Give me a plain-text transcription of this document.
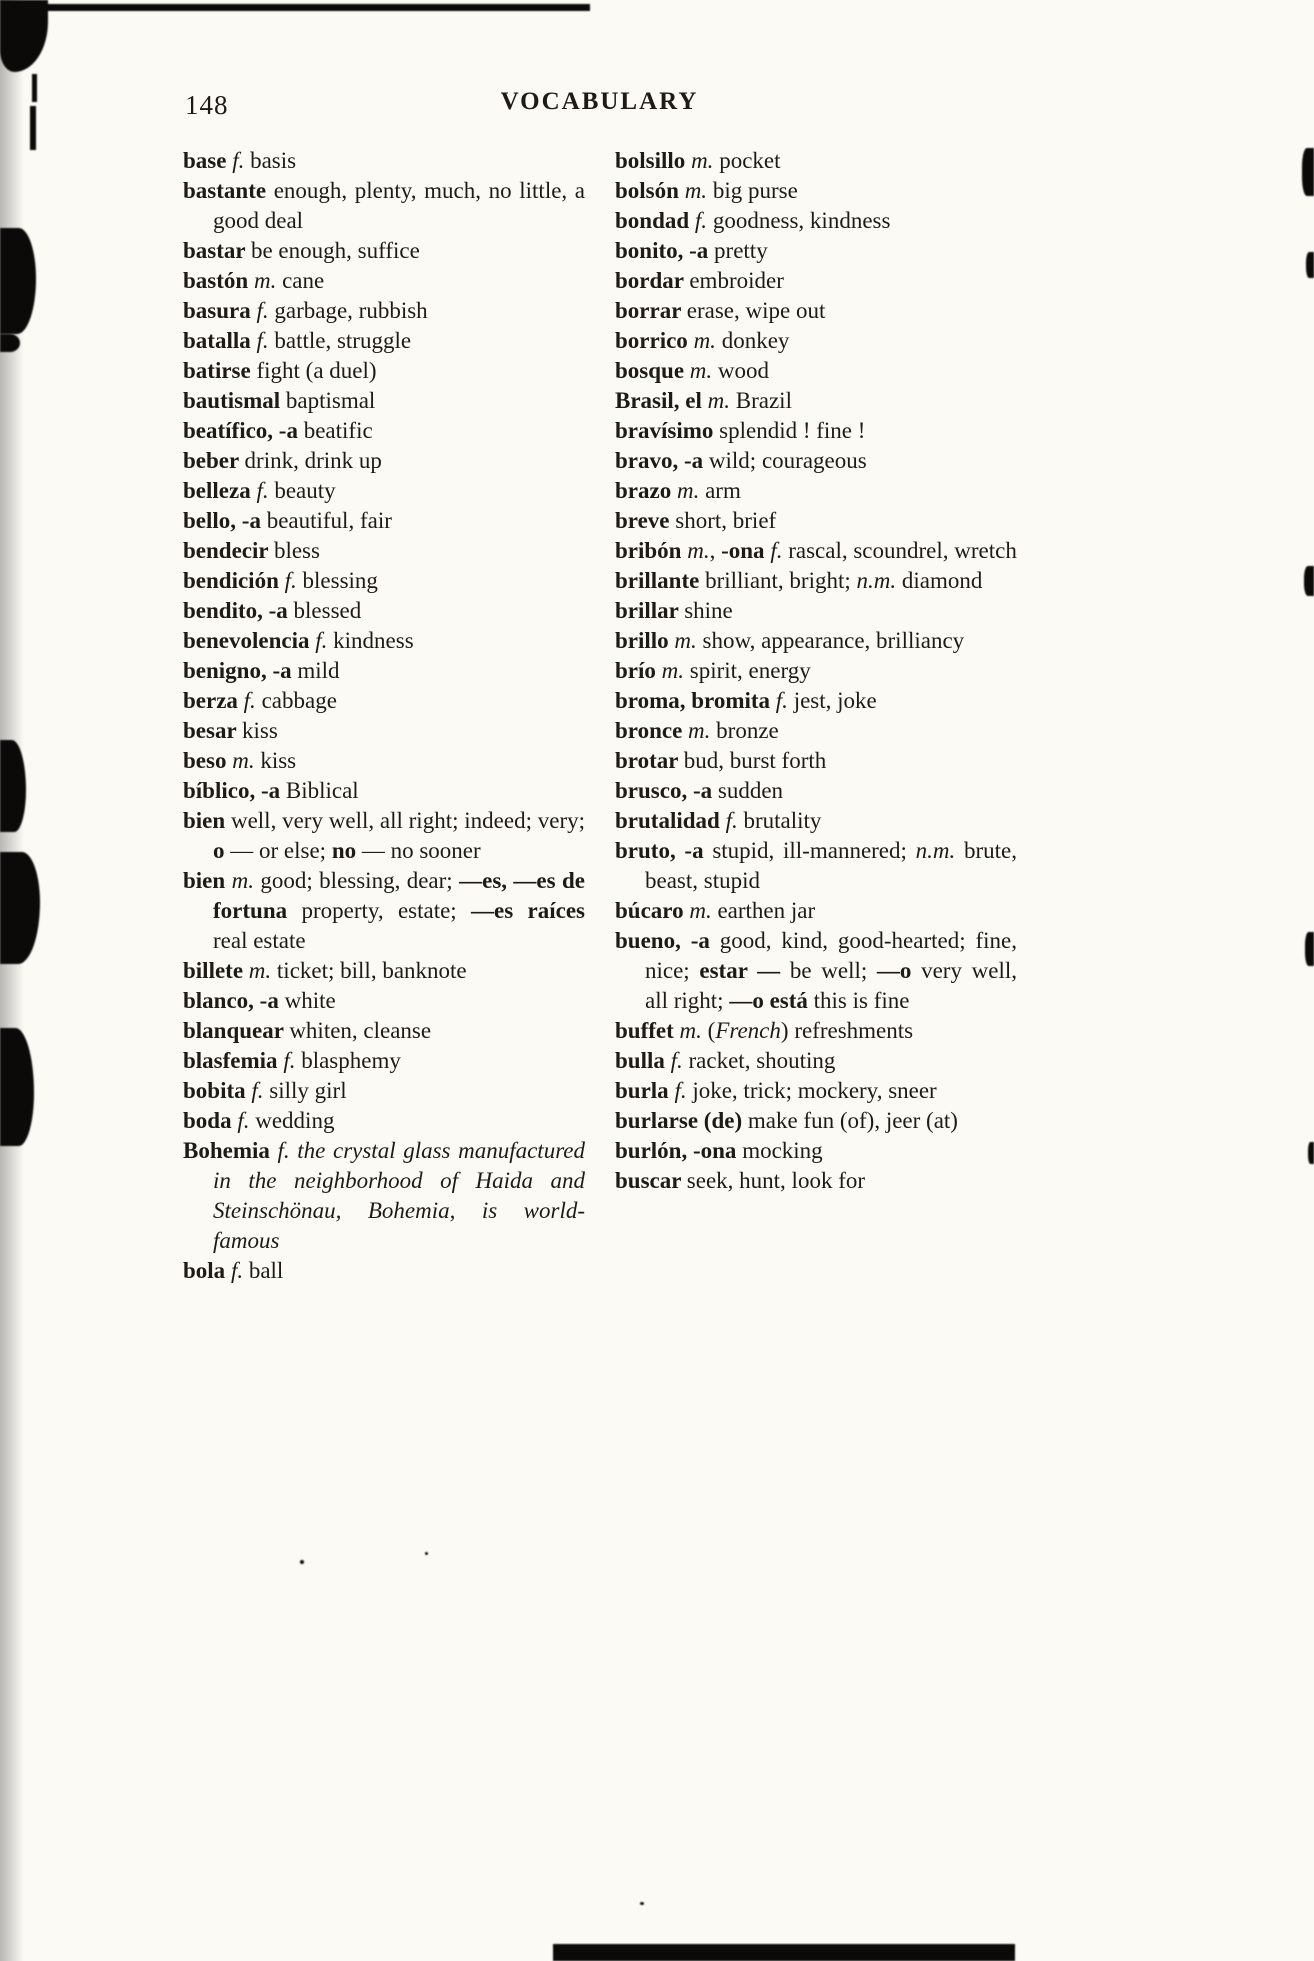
148	VOCABULARY
base f. basis
bastante enough, plenty, much, no little, a good deal
bastar be enough, suffice
bastón m. cane
basura f. garbage, rubbish
batalla f. battle, struggle
batirse fight (a duel)
bautismal baptismal
beatífico, -a beatific
beber drink, drink up
belleza f. beauty
bello, -a beautiful, fair
bendecir bless
bendición f. blessing
bendito, -a blessed
benevolencia f. kindness
benigno, -a mild
berza f. cabbage
besar kiss
beso m. kiss
bíblico, -a Biblical
bien well, very well, all right; indeed; very; o — or else; no — no sooner
bien m. good; blessing, dear; —es, —es de fortuna property, estate; —es raíces real estate
billete m. ticket; bill, banknote
blanco, -a white
blanquear whiten, cleanse
blasfemia f. blasphemy
bobita f. silly girl
boda f. wedding
Bohemia f. the crystal glass manufactured in the neighborhood of Haida and Steinschönau, Bohemia, is world-famous
bola f. ball
bolsillo m. pocket
bolsón m. big purse
bondad f. goodness, kindness
bonito, -a pretty
bordar embroider
borrar erase, wipe out
borrico m. donkey
bosque m. wood
Brasil, el m. Brazil
bravísimo splendid ! fine !
bravo, -a wild; courageous
brazo m. arm
breve short, brief
bribón m., -ona f. rascal, scoundrel, wretch
brillante brilliant, bright; n.m. diamond
brillar shine
brillo m. show, appearance, brilliancy
brío m. spirit, energy
broma, bromita f. jest, joke
bronce m. bronze
brotar bud, burst forth
brusco, -a sudden
brutalidad f. brutality
bruto, -a stupid, ill-mannered; n.m. brute, beast, stupid
búcaro m. earthen jar
bueno, -a good, kind, good-hearted; fine, nice; estar — be well; —o very well, all right; —o está this is fine
buffet m. (French) refreshments
bulla f. racket, shouting
burla f. joke, trick; mockery, sneer
burlarse (de) make fun (of), jeer (at)
burlón, -ona mocking
buscar seek, hunt, look for
